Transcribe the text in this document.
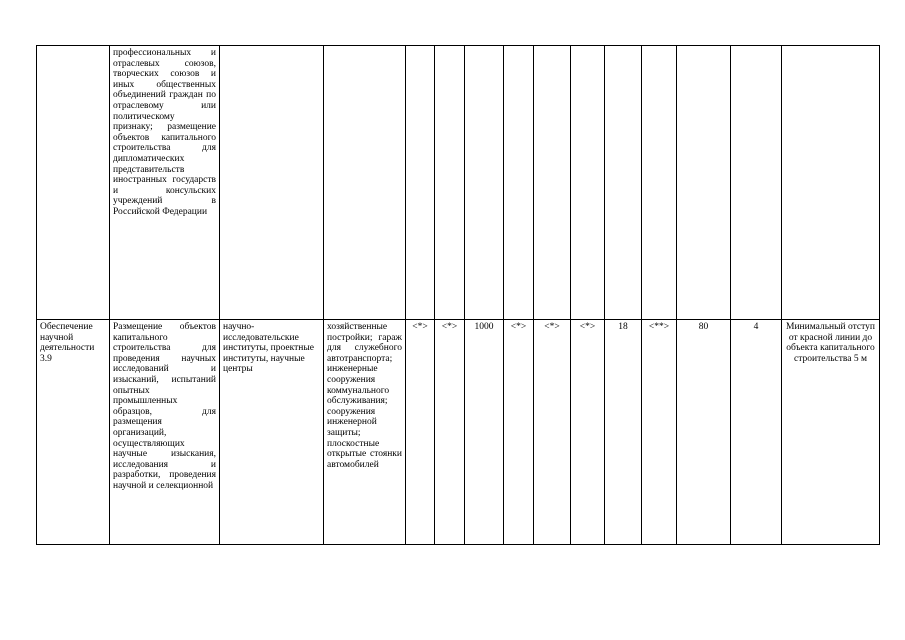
	профессиональных и отраслевых союзов, творческих союзов и иных общественных объединений граждан по отраслевому или политическому признаку; размещение объектов капитального строительства для дипломатических представительств иностранных государств и консульских учреждений в Российской Федерации													
Обеспечение научной деятельности 3.9	Размещение объектов капитального строительства для проведения научных исследований и изысканий, испытаний опытных промышленных образцов, для размещения организаций, осуществляющих научные изыскания, исследования и разработки, проведения научной и селекционной	научно-исследовательские институты, проектные институты, научные центры	хозяйственные постройки; гараж для служебного автотранспорта; инженерные сооружения коммунального обслуживания; сооружения инженерной защиты; плоскостные открытые стоянки автомобилей	<*>	<*>	1000	<*>	<*>	<*>	18	<**>	80	4	Минимальный отступ от красной линии до объекта капитального строительства 5 м
